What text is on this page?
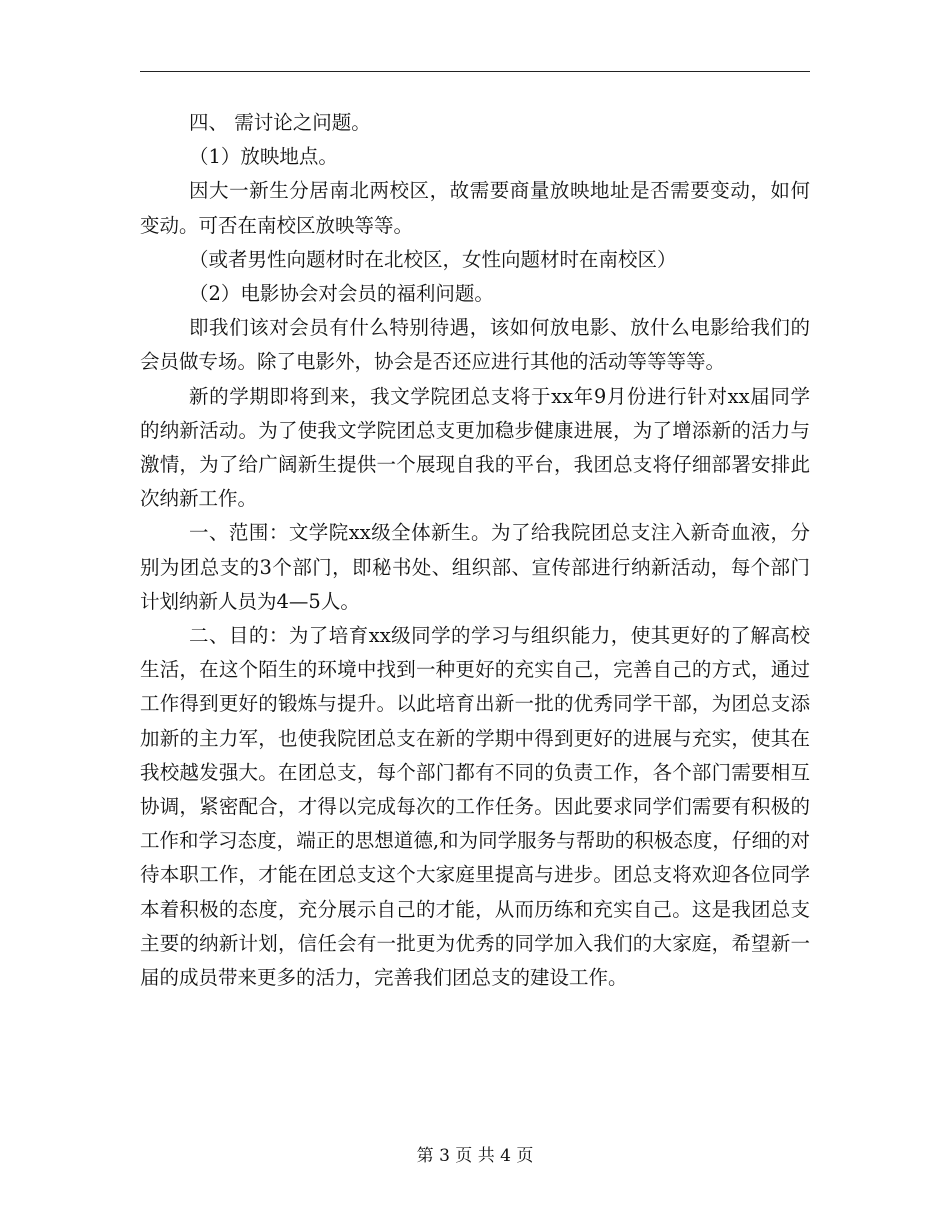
四、 需讨论之问题。

（1）放映地点。

因大一新生分居南北两校区，故需要商量放映地址是否需要变动，如何变动。可否在南校区放映等等。

（或者男性向题材时在北校区，女性向题材时在南校区）

（2）电影协会对会员的福利问题。

即我们该对会员有什么特别待遇，该如何放电影、放什么电影给我们的会员做专场。除了电影外，协会是否还应进行其他的活动等等等等。

新的学期即将到来，我文学院团总支将于xx年9月份进行针对xx届同学的纳新活动。为了使我文学院团总支更加稳步健康进展，为了增添新的活力与激情，为了给广阔新生提供一个展现自我的平台，我团总支将仔细部署安排此次纳新工作。

一、范围：文学院xx级全体新生。为了给我院团总支注入新奇血液，分别为团总支的3个部门，即秘书处、组织部、宣传部进行纳新活动，每个部门计划纳新人员为4—5人。

二、目的：为了培育xx级同学的学习与组织能力，使其更好的了解高校生活，在这个陌生的环境中找到一种更好的充实自己，完善自己的方式，通过工作得到更好的锻炼与提升。以此培育出新一批的优秀同学干部，为团总支添加新的主力军，也使我院团总支在新的学期中得到更好的进展与充实，使其在我校越发强大。在团总支，每个部门都有不同的负责工作，各个部门需要相互协调，紧密配合，才得以完成每次的工作任务。因此要求同学们需要有积极的工作和学习态度，端正的思想道德,和为同学服务与帮助的积极态度，仔细的对待本职工作，才能在团总支这个大家庭里提高与进步。团总支将欢迎各位同学本着积极的态度，充分展示自己的才能，从而历练和充实自己。这是我团总支主要的纳新计划，信任会有一批更为优秀的同学加入我们的大家庭，希望新一届的成员带来更多的活力，完善我们团总支的建设工作。

第 3 页 共 4 页
